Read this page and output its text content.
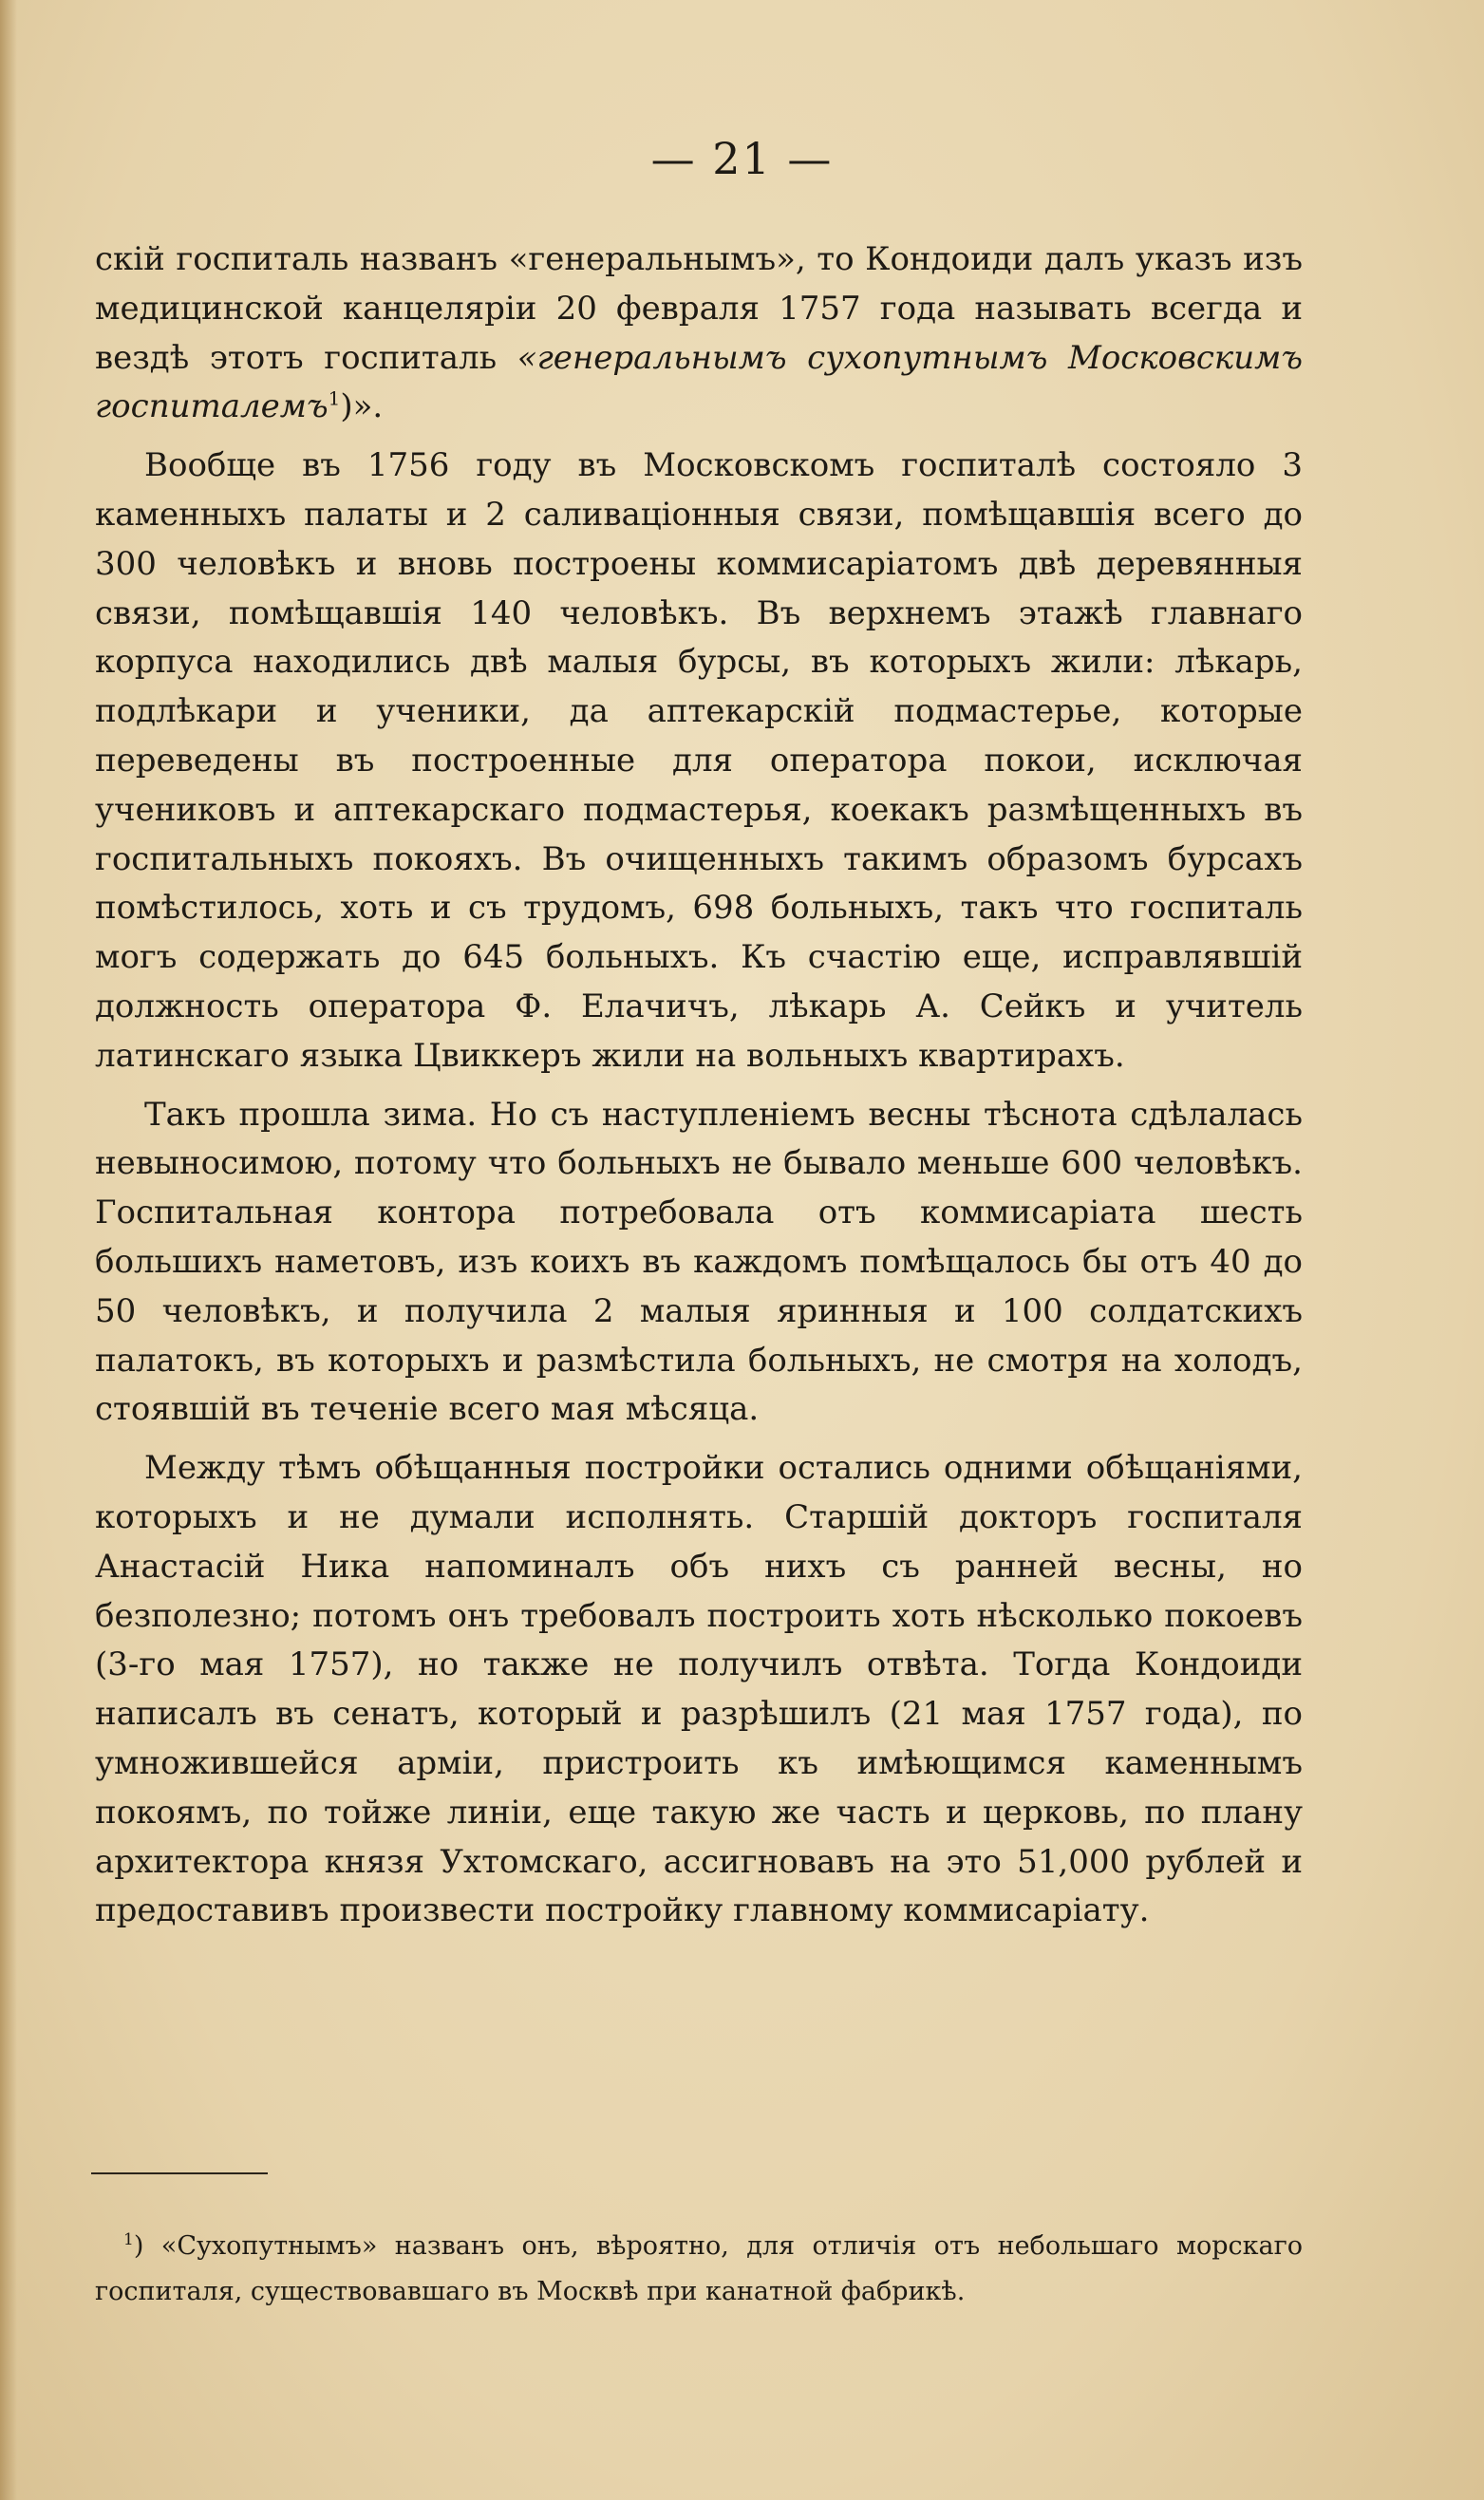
— 21 —

скій госпиталь названъ «генеральнымъ», то Кондоиди далъ указъ изъ медицинской канцеляріи 20 февраля 1757 года называть всегда и вездѣ этотъ госпиталь «генеральнымъ сухопутнымъ Московскимъ госпиталемъ$^1$)».

Вообще въ 1756 году въ Московскомъ госпиталѣ состояло 3 каменныхъ палаты и 2 саливаціонныя связи, помѣщавшія всего до 300 человѣкъ и вновь построены коммисаріатомъ двѣ деревянныя связи, помѣщавшія 140 человѣкъ. Въ верхнемъ этажѣ главнаго корпуса находились двѣ малыя бурсы, въ которыхъ жили: лѣкарь, подлѣкари и ученики, да аптекарскій подмастерье, которые переведены въ построенные для оператора покои, исключая учениковъ и аптекарскаго подмастерья, коекакъ размѣщенныхъ въ госпитальныхъ покояхъ. Въ очищенныхъ такимъ образомъ бурсахъ помѣстилось, хоть и съ трудомъ, 698 больныхъ, такъ что госпиталь могъ содержать до 645 больныхъ. Къ счастію еще, исправлявшій должность оператора Ф. Елачичъ, лѣкарь А. Сейкъ и учитель латинскаго языка Цвиккеръ жили на вольныхъ квартирахъ.

Такъ прошла зима. Но съ наступленіемъ весны тѣснота сдѣлалась невыносимою, потому что больныхъ не бывало меньше 600 человѣкъ. Госпитальная контора потребовала отъ коммисаріата шесть большихъ наметовъ, изъ коихъ въ каждомъ помѣщалось бы отъ 40 до 50 человѣкъ, и получила 2 малыя яринныя и 100 солдатскихъ палатокъ, въ которыхъ и размѣстила больныхъ, не смотря на холодъ, стоявшій въ теченіе всего мая мѣсяца.

Между тѣмъ обѣщанныя постройки остались одними обѣщаніями, которыхъ и не думали исполнять. Старшій докторъ госпиталя Анастасій Ника напоминалъ объ нихъ съ ранней весны, но безполезно; потомъ онъ требовалъ построить хоть нѣсколько покоевъ (3-го мая 1757), но также не получилъ отвѣта. Тогда Кондоиди написалъ въ сенатъ, который и разрѣшилъ (21 мая 1757 года), по умножившейся арміи, пристроить къ имѣющимся каменнымъ покоямъ, по тойже линіи, еще такую же часть и церковь, по плану архитектора князя Ухтомскаго, ассигновавъ на это 51,000 рублей и предоставивъ произвести постройку главному коммисаріату.

$^1$) «Сухопутнымъ» названъ онъ, вѣроятно, для отличія отъ небольшаго морскаго госпиталя, существовавшаго въ Москвѣ при канатной фабрикѣ.
